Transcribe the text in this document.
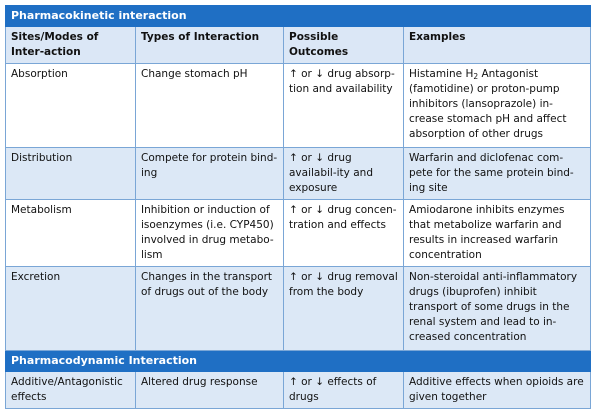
Pharmacokinetic interaction			
Sites/Modes of Inter-action	Types of Interaction	Possible Outcomes	Examples
Absorption	Change stomach pH	↑ or ↓ drug absorp-tion and availability	Histamine $H_2$ Antagonist (famotidine) or proton-pump inhibitors (lansoprazole) in-crease stomach pH and affect absorption of other drugs
Distribution	Compete for protein bind-ing	↑ or ↓ drug availabil-ity and exposure	Warfarin and diclofenac com-pete for the same protein bind-ing site
Metabolism	Inhibition or induction of isoenzymes (i.e. CYP450) involved in drug metabo-lism	↑ or ↓ drug concen-tration and effects	Amiodarone inhibits enzymes that metabolize warfarin and results in increased warfarin concentration
Excretion	Changes in the transport of drugs out of the body	↑ or ↓ drug removal from the body	Non-steroidal anti-inflammatory drugs (ibuprofen) inhibit transport of some drugs in the renal system and lead to in-creased concentration
Pharmacodynamic Interaction			
Additive/Antagonistic effects	Altered drug response	↑ or ↓ effects of drugs	Additive effects when opioids are given together
